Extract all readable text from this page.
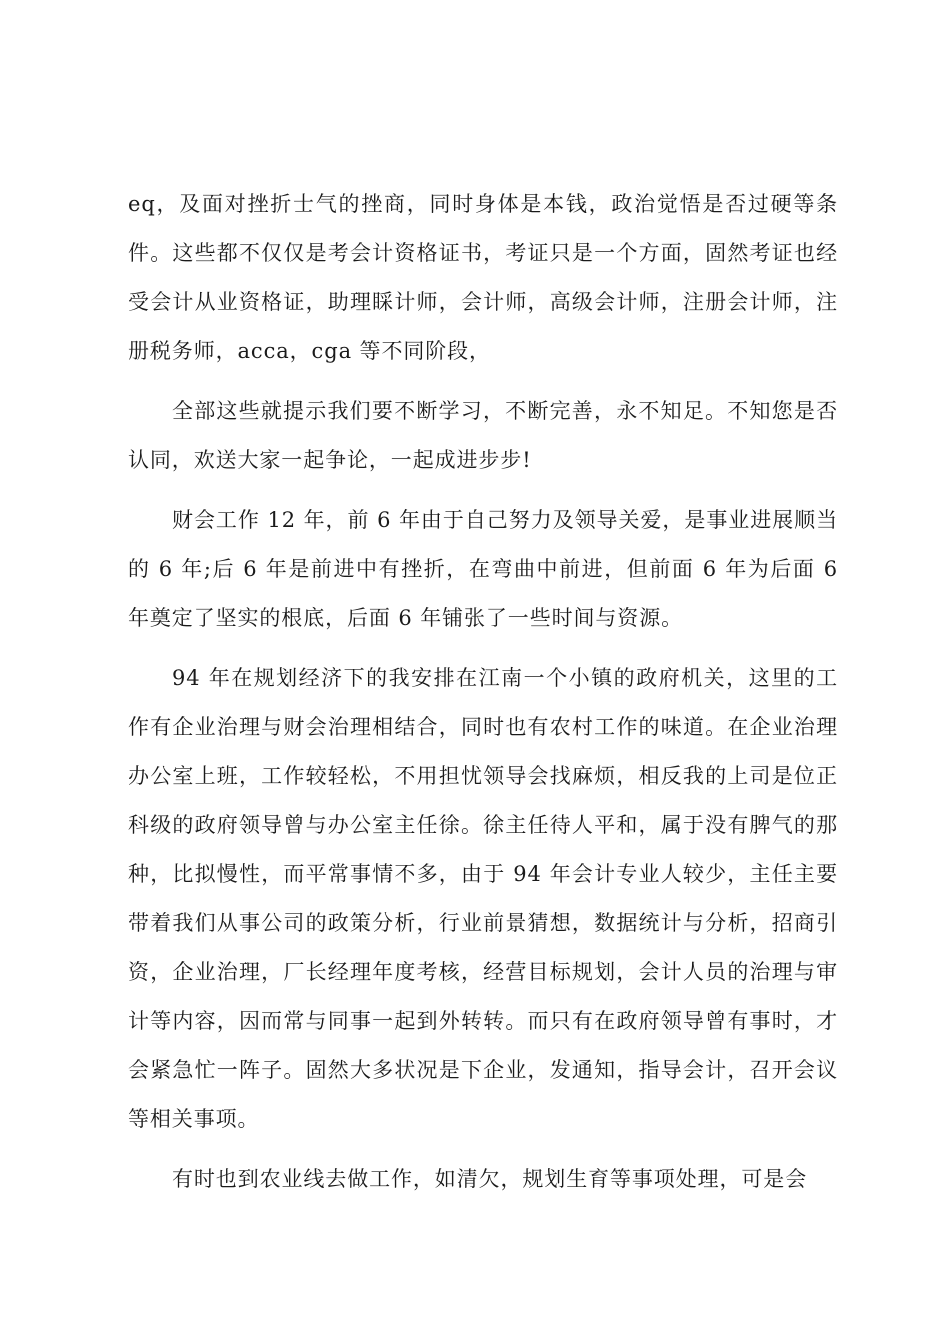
eq，及面对挫折士气的挫商，同时身体是本钱，政治觉悟是否过硬等条件。这些都不仅仅是考会计资格证书，考证只是一个方面，固然考证也经受会计从业资格证，助理睬计师，会计师，高级会计师，注册会计师，注册税务师，acca，cga 等不同阶段，

全部这些就提示我们要不断学习，不断完善，永不知足。不知您是否认同，欢送大家一起争论，一起成进步步!

财会工作 12 年，前 6 年由于自己努力及领导关爱，是事业进展顺当的 6 年;后 6 年是前进中有挫折，在弯曲中前进，但前面 6 年为后面 6 年奠定了坚实的根底，后面 6 年铺张了一些时间与资源。

94 年在规划经济下的我安排在江南一个小镇的政府机关，这里的工作有企业治理与财会治理相结合，同时也有农村工作的味道。在企业治理办公室上班，工作较轻松，不用担忧领导会找麻烦，相反我的上司是位正科级的政府领导曾与办公室主任徐。徐主任待人平和，属于没有脾气的那种，比拟慢性，而平常事情不多，由于 94 年会计专业人较少，主任主要带着我们从事公司的政策分析，行业前景猜想，数据统计与分析，招商引资，企业治理，厂长经理年度考核，经营目标规划，会计人员的治理与审计等内容，因而常与同事一起到外转转。而只有在政府领导曾有事时，才会紧急忙一阵子。固然大多状况是下企业，发通知，指导会计，召开会议等相关事项。

有时也到农业线去做工作，如清欠，规划生育等事项处理，可是会
